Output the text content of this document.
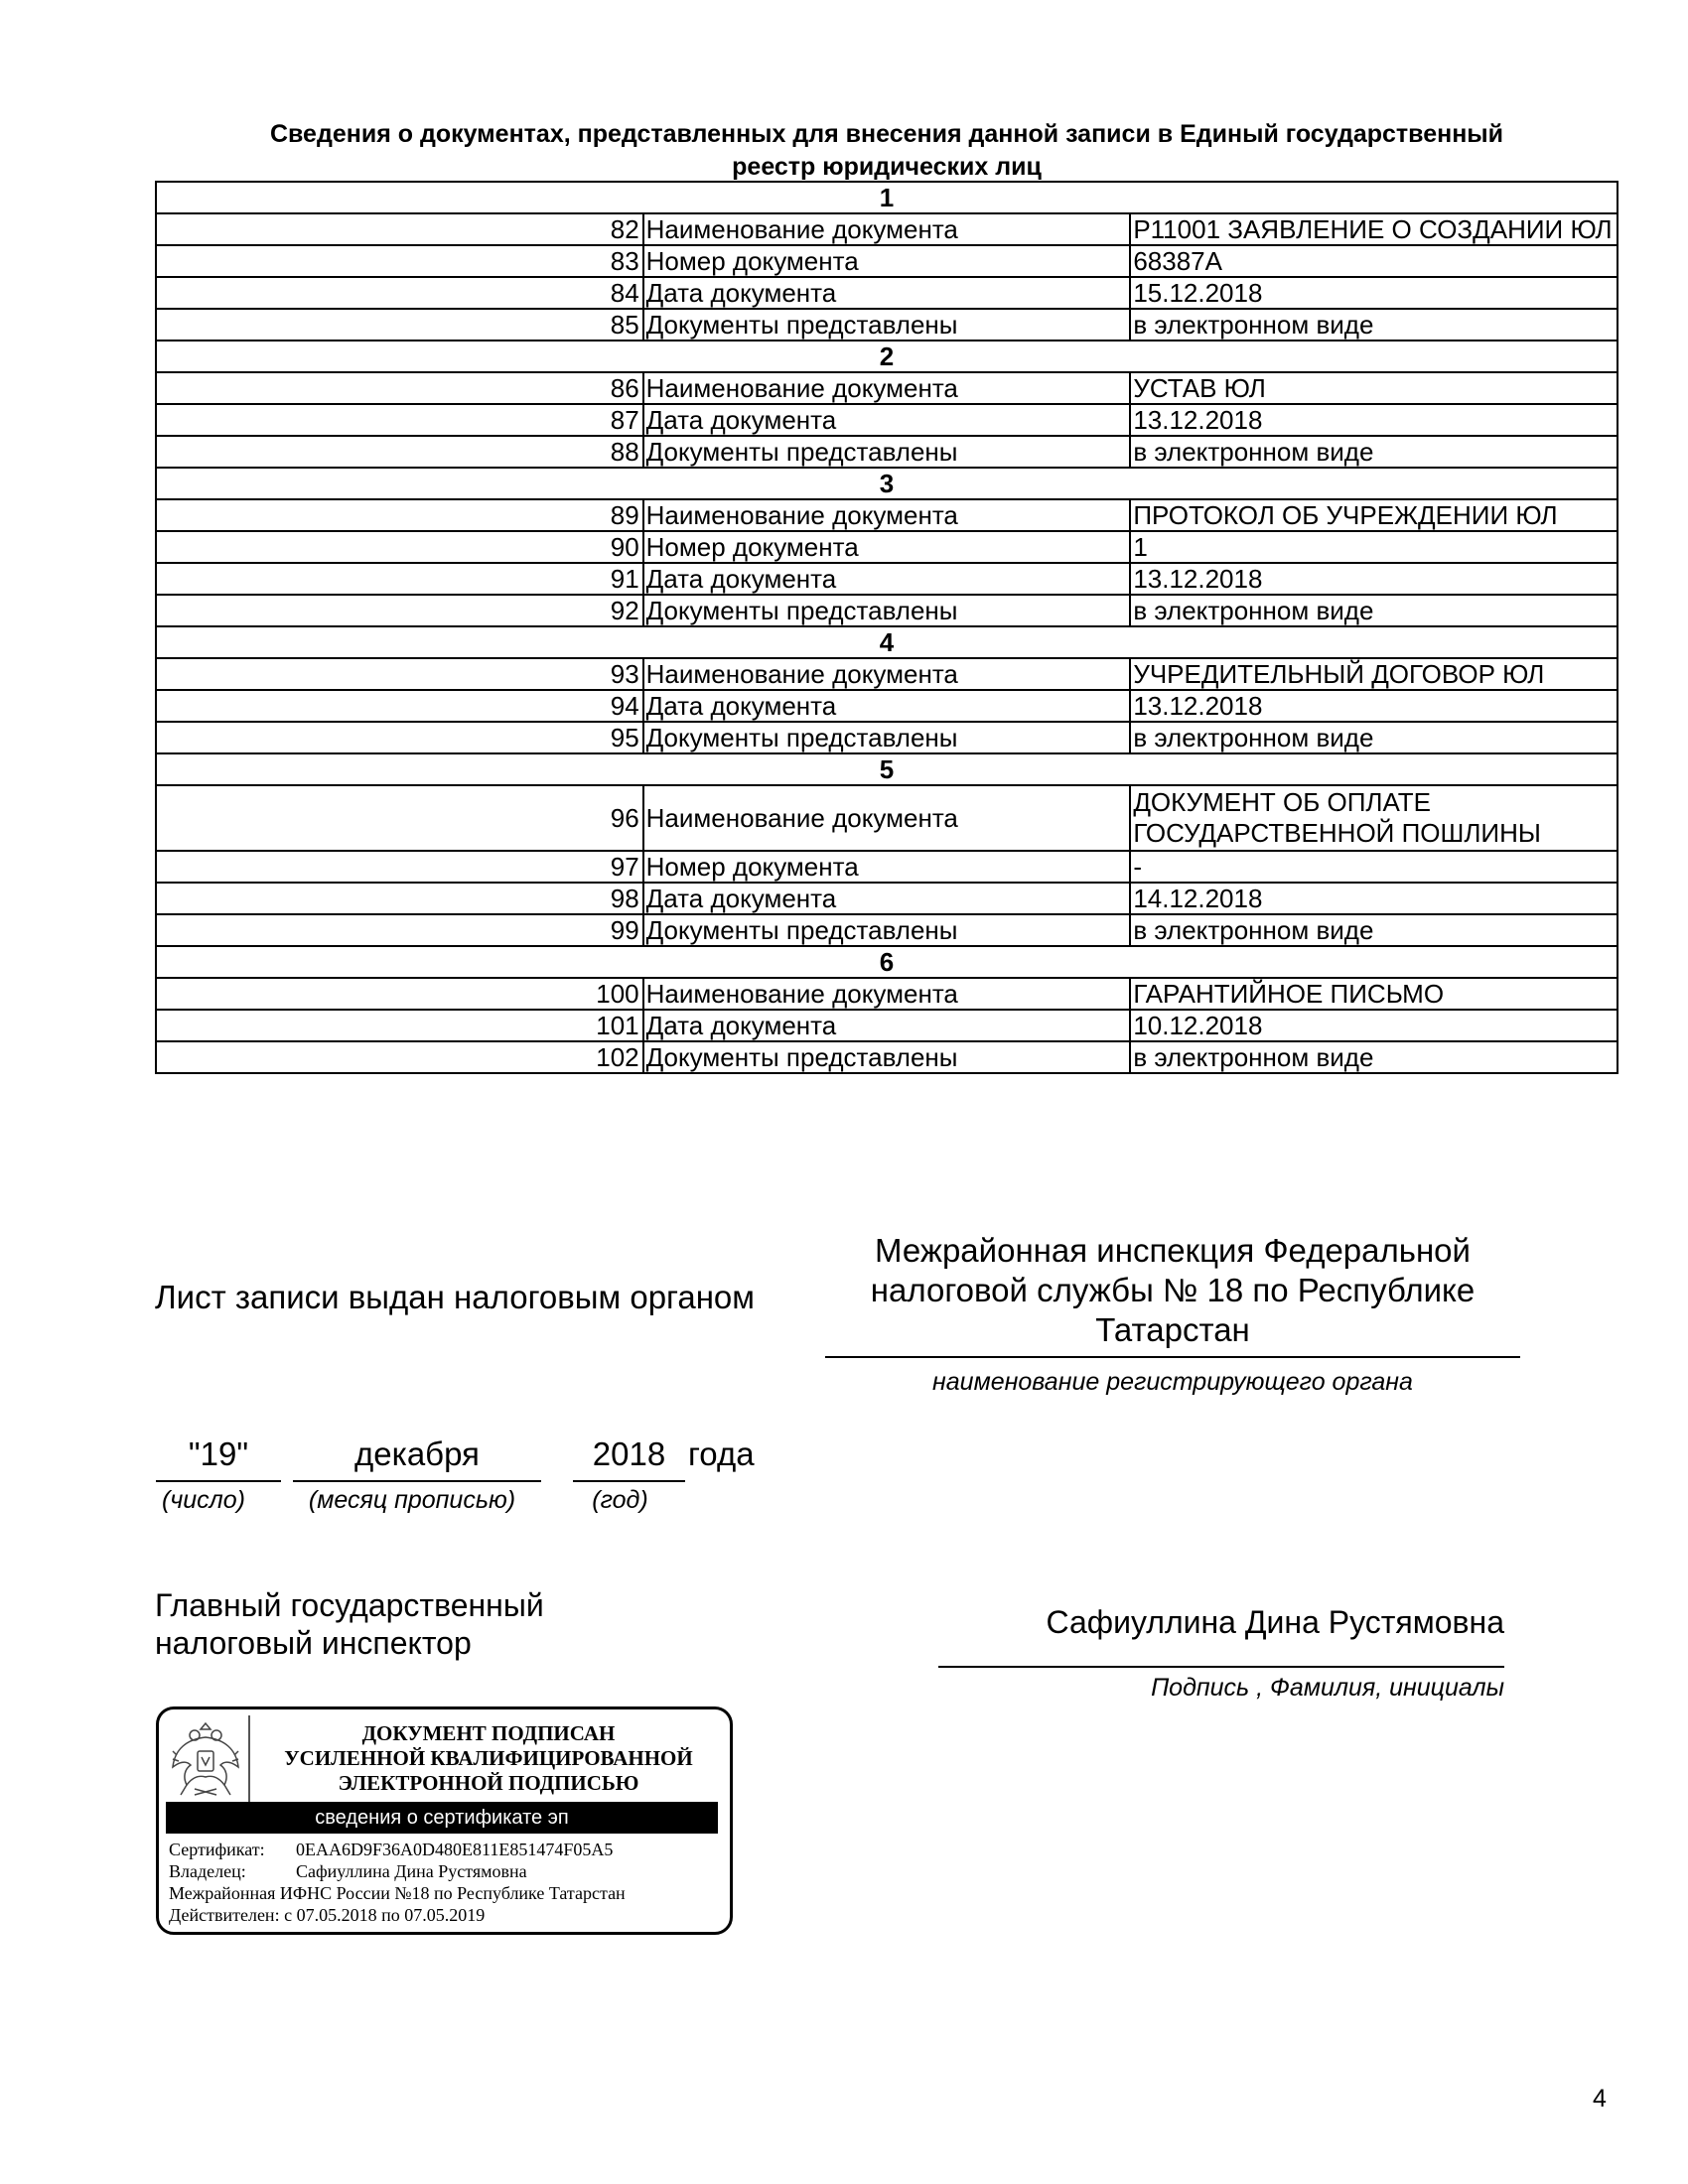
Сведения о документах, представленных для внесения данной записи в Единый государственный
реестр юридических лиц
1		
82	Наименование документа	Р11001 ЗАЯВЛЕНИЕ О СОЗДАНИИ ЮЛ
83	Номер документа	68387А
84	Дата документа	15.12.2018
85	Документы представлены	в электронном виде
2		
86	Наименование документа	УСТАВ ЮЛ
87	Дата документа	13.12.2018
88	Документы представлены	в электронном виде
3		
89	Наименование документа	ПРОТОКОЛ ОБ УЧРЕЖДЕНИИ ЮЛ
90	Номер документа	1
91	Дата документа	13.12.2018
92	Документы представлены	в электронном виде
4		
93	Наименование документа	УЧРЕДИТЕЛЬНЫЙ ДОГОВОР ЮЛ
94	Дата документа	13.12.2018
95	Документы представлены	в электронном виде
5		
96	Наименование документа	ДОКУМЕНТ ОБ ОПЛАТЕ ГОСУДАРСТВЕННОЙ ПОШЛИНЫ
97	Номер документа	-
98	Дата документа	14.12.2018
99	Документы представлены	в электронном виде
6		
100	Наименование документа	ГАРАНТИЙНОЕ ПИСЬМО
101	Дата документа	10.12.2018
102	Документы представлены	в электронном виде
Лист записи выдан налоговым органом
Межрайонная инспекция Федеральной
налоговой службы № 18 по Республике
Татарстан
наименование регистрирующего органа
"19"
(число)
декабря
(месяц прописью)
2018
(год)
года
Главный государственный
налоговый инспектор
Сафиуллина Дина Рустямовна
Подпись , Фамилия, инициалы
ДОКУМЕНТ ПОДПИСАН
УСИЛЕННОЙ КВАЛИФИЦИРОВАННОЙ
ЭЛЕКТРОННОЙ ПОДПИСЬЮ
сведения о сертификате эп
Сертификат: 0EAA6D9F36A0D480E811E851474F05A5
Владелец:	Сафиуллина Дина Рустямовна
Межрайонная ИФНС России №18 по Республике Татарстан
Действителен: с 07.05.2018 по 07.05.2019
4
